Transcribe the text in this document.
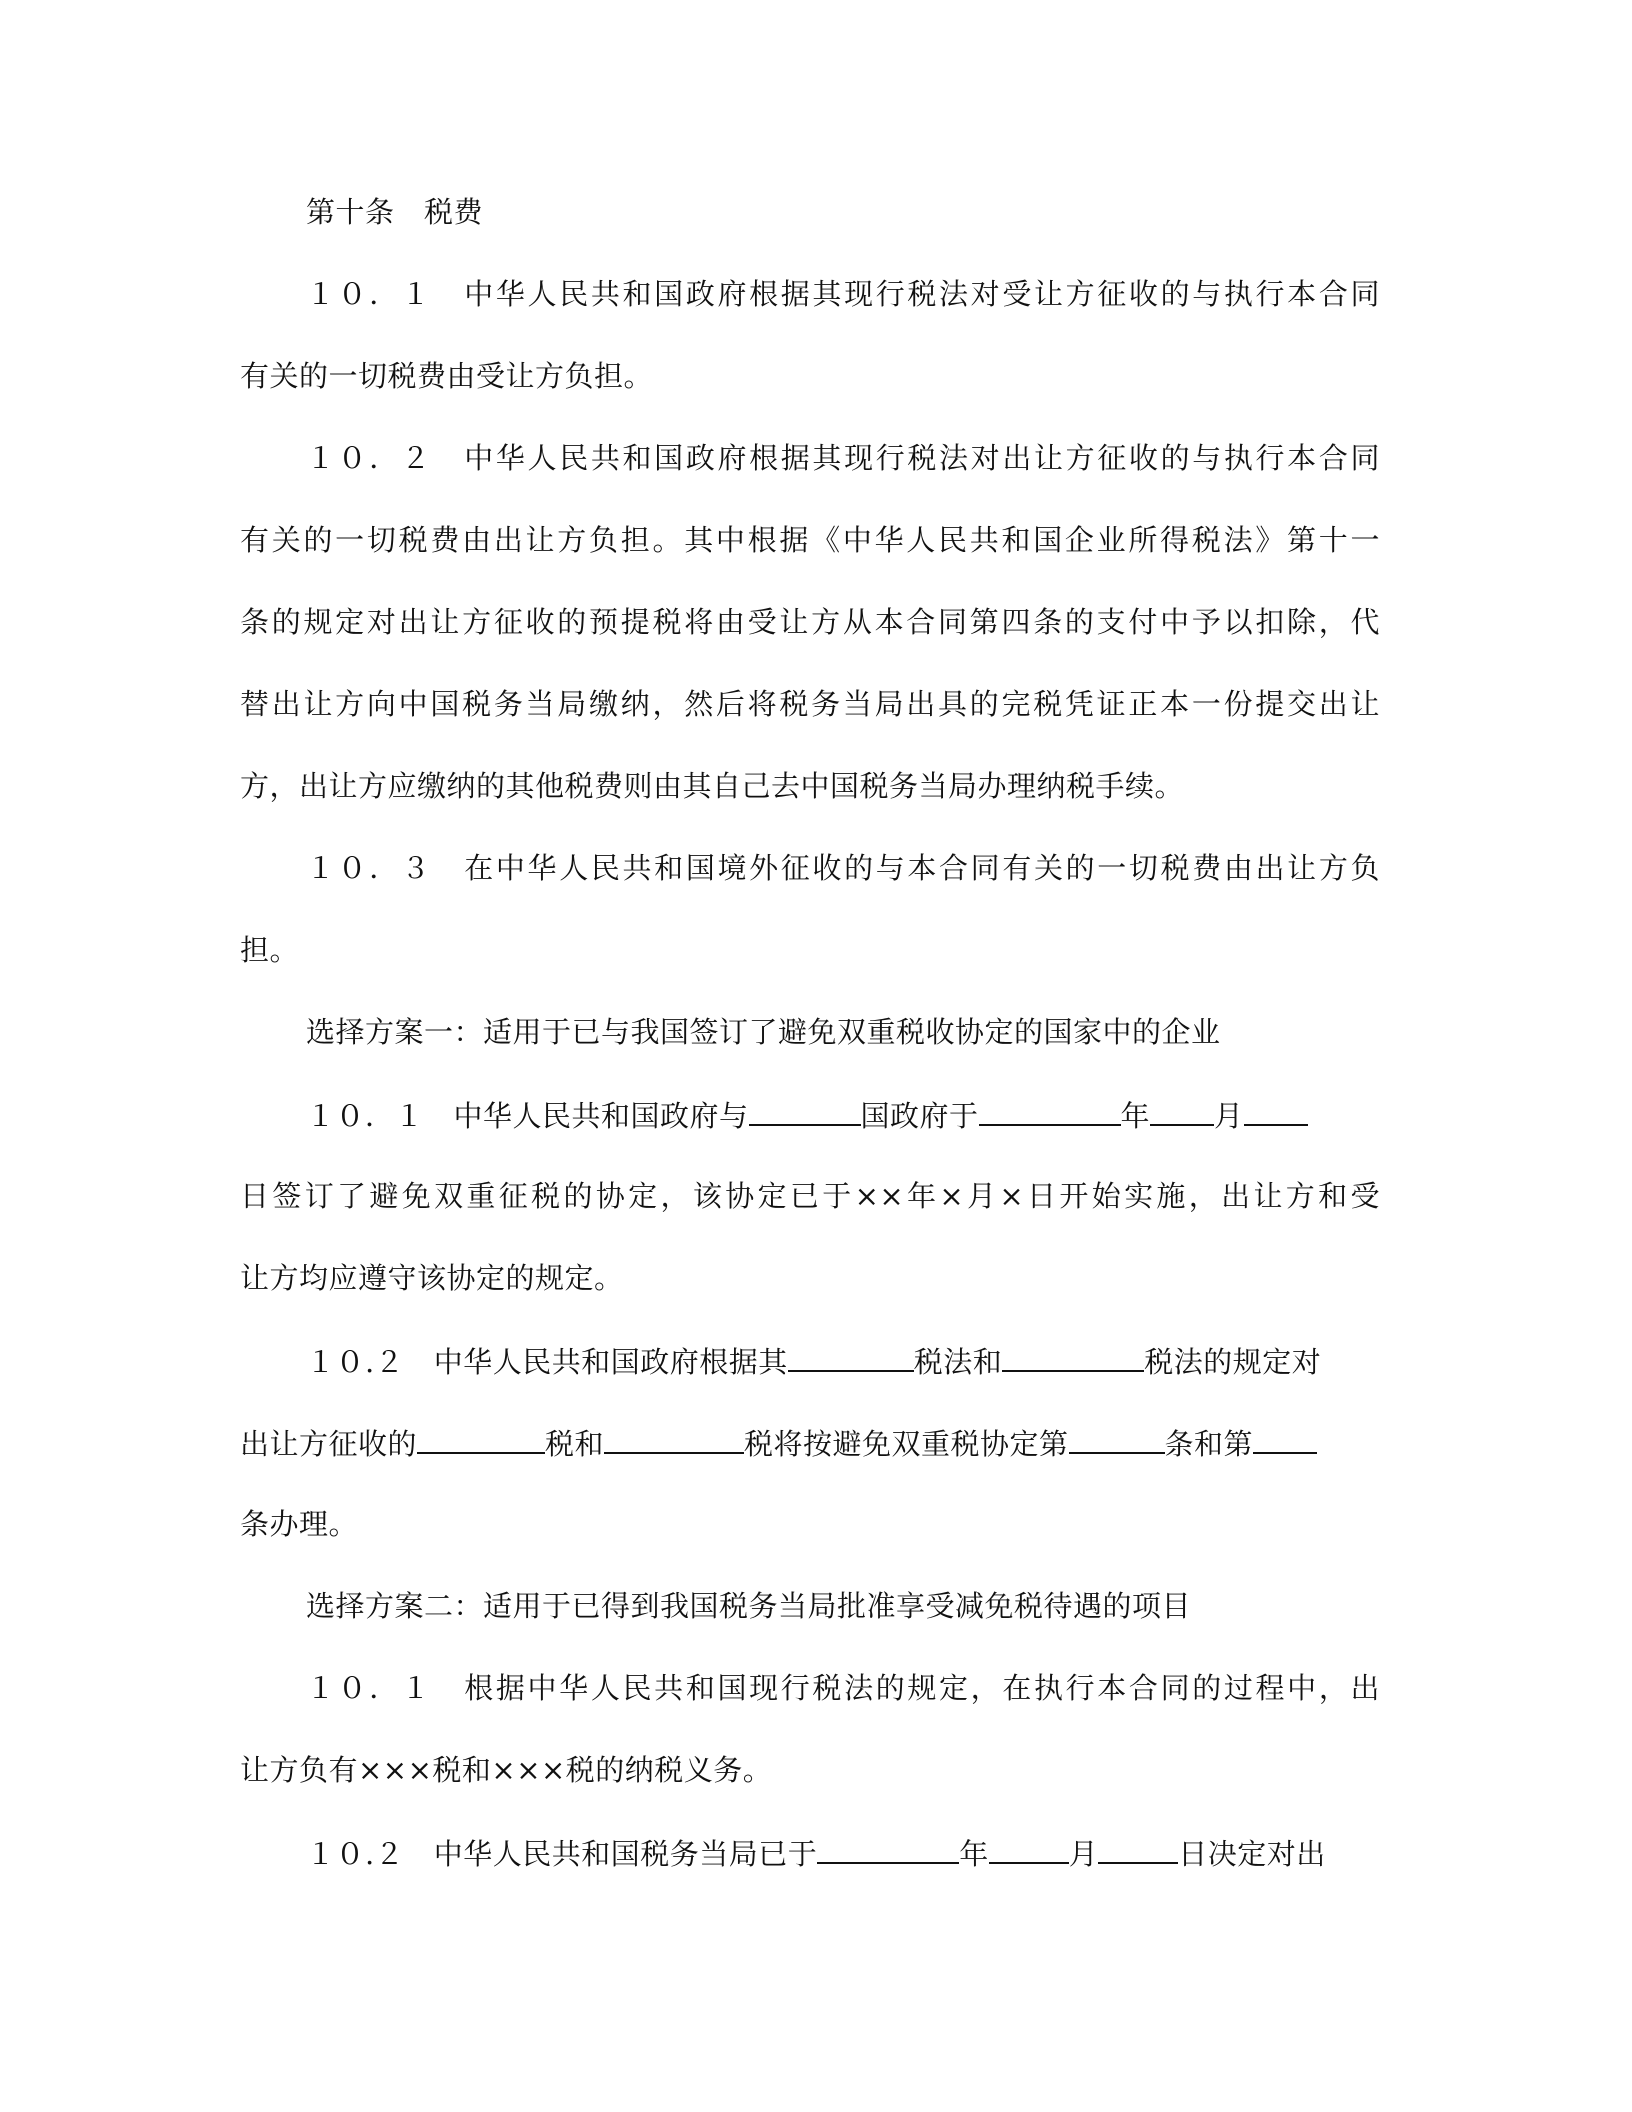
第十条　税费
１０．１　中华人民共和国政府根据其现行税法对受让方征收的与执行本合同
有关的一切税费由受让方负担。
１０．２　中华人民共和国政府根据其现行税法对出让方征收的与执行本合同
有关的一切税费由出让方负担。其中根据《中华人民共和国企业所得税法》第十一
条的规定对出让方征收的预提税将由受让方从本合同第四条的支付中予以扣除，代
替出让方向中国税务当局缴纳，然后将税务当局出具的完税凭证正本一份提交出让
方，出让方应缴纳的其他税费则由其自己去中国税务当局办理纳税手续。
１０．３　在中华人民共和国境外征收的与本合同有关的一切税费由出让方负
担。
选择方案一：适用于已与我国签订了避免双重税收协定的国家中的企业
１０．１　中华人民共和国政府与	国政府于	年 月
日签订了避免双重征税的协定，该协定已于××年×月×日开始实施，出让方和受
让方均应遵守该协定的规定。
１０.２　中华人民共和国政府根据其	税法和	税法的规定对
出让方征收的	税和	税将按避免双重税协定第	条和第
条办理。
选择方案二：适用于已得到我国税务当局批准享受减免税待遇的项目
１０．１　根据中华人民共和国现行税法的规定，在执行本合同的过程中，出
让方负有×××税和×××税的纳税义务。
１０.２　中华人民共和国税务当局已于	年	月	日决定对出
